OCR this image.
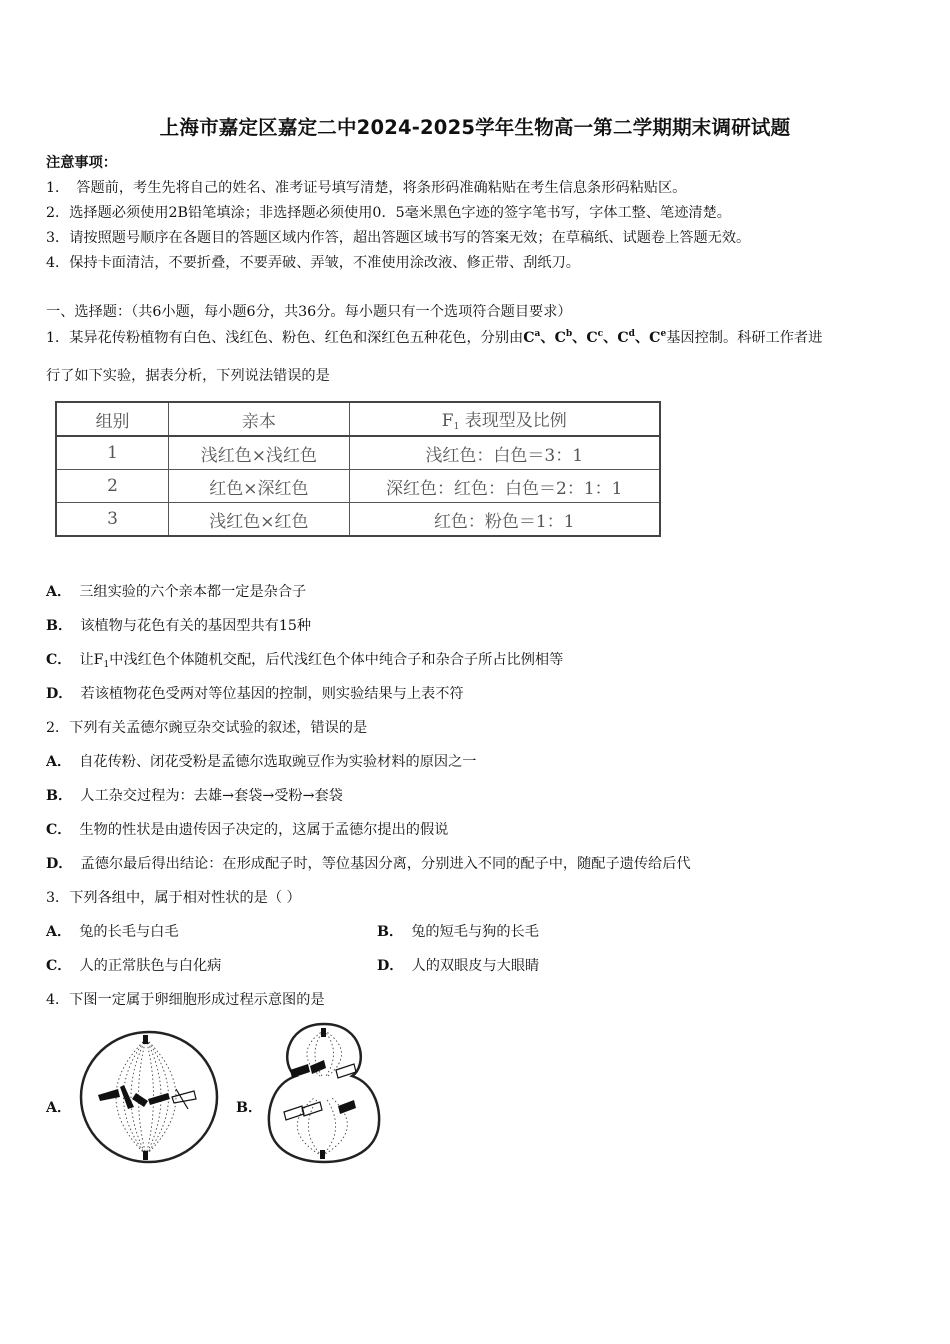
上海市嘉定区嘉定二中2024-2025学年生物高一第二学期期末调研试题
注意事项：
1．　答题前，考生先将自己的姓名、准考证号填写清楚，将条形码准确粘贴在考生信息条形码粘贴区。
2．选择题必须使用2B铅笔填涂；非选择题必须使用0．5毫米黑色字迹的签字笔书写，字体工整、笔迹清楚。
3．请按照题号顺序在各题目的答题区域内作答，超出答题区域书写的答案无效；在草稿纸、试题卷上答题无效。
4．保持卡面清洁，不要折叠，不要弄破、弄皱，不准使用涂改液、修正带、刮纸刀。
一、选择题：（共6小题，每小题6分，共36分。每小题只有一个选项符合题目要求）
1．某异花传粉植物有白色、浅红色、粉色、红色和深红色五种花色，分别由$C^a$、$C^b$、$C^c$、$C^d$、Ce基因控制。科研工作者进
行了如下实验，据表分析，下列说法错误的是
组别	亲本	$F_1$ 表现型及比例
1	浅红色×浅红色	浅红色：白色＝3：1
2	红色×深红色	深红色：红色：白色＝2：1：1
3	浅红色×红色	红色：粉色＝1：1
A． 三组实验的六个亲本都一定是杂合子
B． 该植物与花色有关的基因型共有15种
C． 让$F_1$中浅红色个体随机交配，后代浅红色个体中纯合子和杂合子所占比例相等
D． 若该植物花色受两对等位基因的控制，则实验结果与上表不符
2．下列有关孟德尔豌豆杂交试验的叙述，错误的是
A． 自花传粉、闭花受粉是孟德尔选取豌豆作为实验材料的原因之一
B． 人工杂交过程为：去雄→套袋→受粉→套袋
C． 生物的性状是由遗传因子决定的，这属于孟德尔提出的假说
D． 孟德尔最后得出结论：在形成配子时，等位基因分离，分别进入不同的配子中，随配子遗传给后代
3．下列各组中，属于相对性状的是（ ）
A． 兔的长毛与白毛	B． 兔的短毛与狗的长毛
C． 人的正常肤色与白化病	D． 人的双眼皮与大眼睛
4．下图一定属于卵细胞形成过程示意图的是
A．	B．
